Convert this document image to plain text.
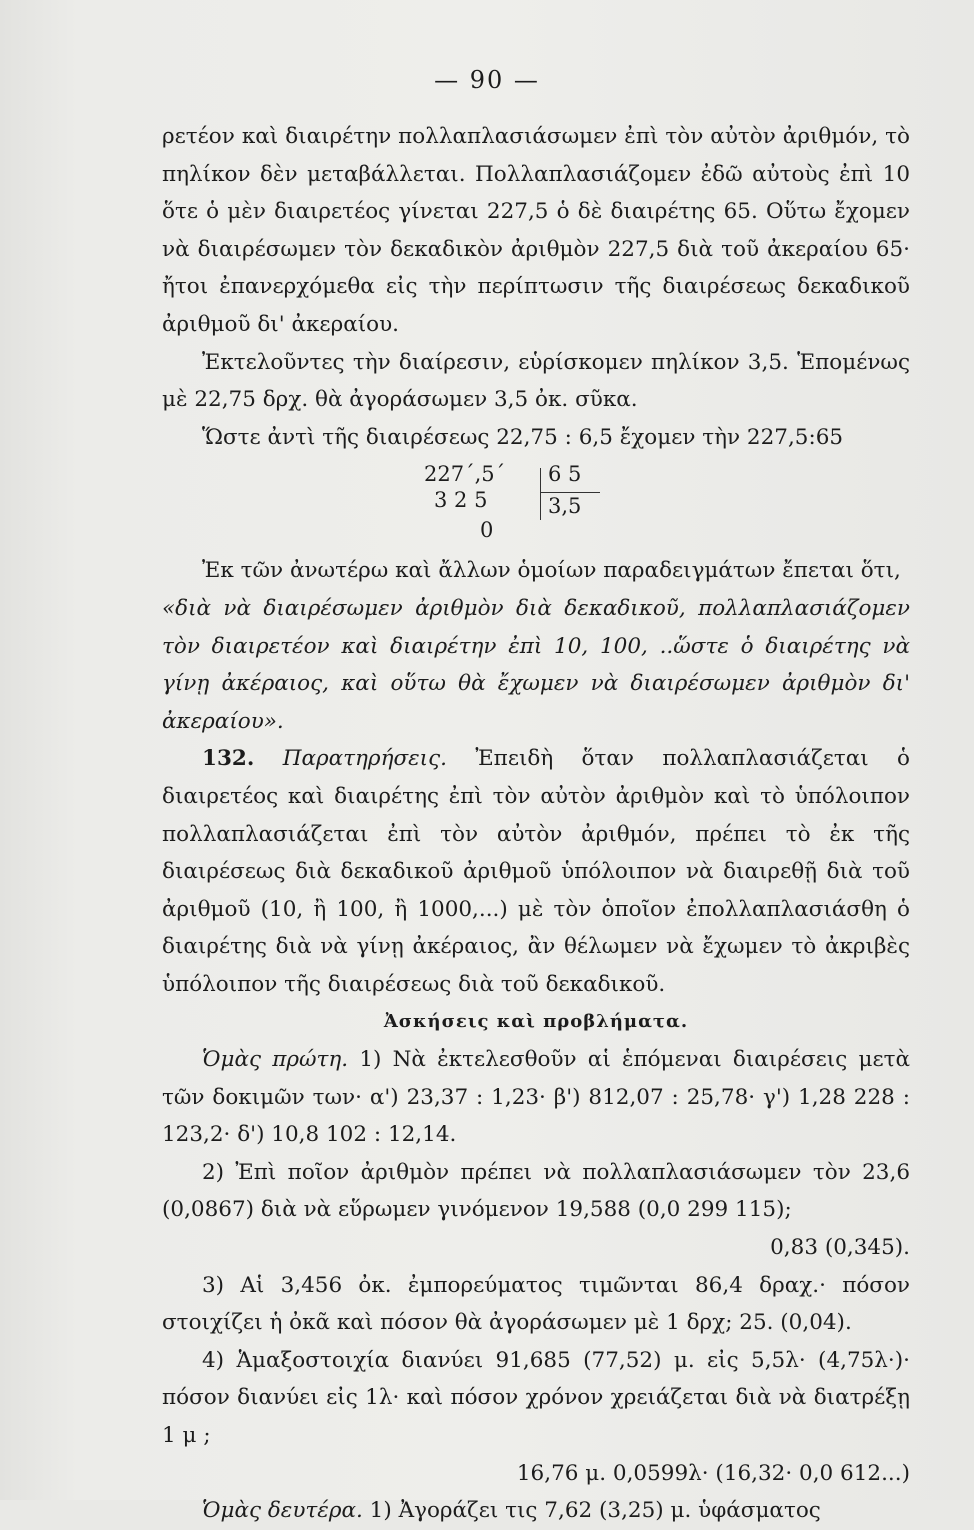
— 90 —
ρετέον καὶ διαιρέτην πολλαπλασιάσωμεν ἐπὶ τὸν αὐτὸν ἀριθμόν, τὸ πηλίκον δὲν μεταβάλλεται. Πολλαπλασιάζομεν ἐδῶ αὐτοὺς ἐπὶ 10 ὅτε ὁ μὲν διαιρετέος γίνεται 227,5 ὁ δὲ διαιρέτης 65. Οὕτω ἔχομεν νὰ διαιρέσωμεν τὸν δεκαδικὸν ἀριθμὸν 227,5 διὰ τοῦ ἀκεραίου 65· ἤτοι ἐπανερχόμεθα εἰς τὴν περίπτωσιν τῆς διαιρέσεως δεκαδικοῦ ἀριθμοῦ δι' ἀκεραίου.
Ἐκτελοῦντες τὴν διαίρεσιν, εὑρίσκομεν πηλίκον 3,5. Ἑπομένως μὲ 22,75 δρχ. θὰ ἀγοράσωμεν 3,5 ὀκ. σῦκα.
Ὥστε ἀντὶ τῆς διαιρέσεως 22,75 : 6,5 ἔχομεν τὴν 227,5:65
227΄,5΄ 6 5
3 2 5	3,5
0
Ἐκ τῶν ἀνωτέρω καὶ ἄλλων ὁμοίων παραδειγμάτων ἔπεται ὅτι,
«διὰ νὰ διαιρέσωμεν ἀριθμὸν διὰ δεκαδικοῦ, πολλαπλασιάζομεν τὸν διαιρετέον καὶ διαιρέτην ἐπὶ 10, 100, ..ὥστε ὁ διαιρέτης νὰ γίνῃ ἀκέραιος, καὶ οὕτω θὰ ἔχωμεν νὰ διαιρέσωμεν ἀριθμὸν δι' ἀκεραίου».
132. Παρατηρήσεις. Ἐπειδὴ ὅταν πολλαπλασιάζεται ὁ διαιρετέος καὶ διαιρέτης ἐπὶ τὸν αὐτὸν ἀριθμὸν καὶ τὸ ὑπόλοιπον πολλαπλασιάζεται ἐπὶ τὸν αὐτὸν ἀριθμόν, πρέπει τὸ ἐκ τῆς διαιρέσεως διὰ δεκαδικοῦ ἀριθμοῦ ὑπόλοιπον νὰ διαιρεθῇ διὰ τοῦ ἀριθμοῦ (10, ἢ 100, ἢ 1000,...) μὲ τὸν ὁποῖον ἐπολλαπλασιάσθη ὁ διαιρέτης διὰ νὰ γίνῃ ἀκέραιος, ἂν θέλωμεν νὰ ἔχωμεν τὸ ἀκριβὲς ὑπόλοιπον τῆς διαιρέσεως διὰ τοῦ δεκαδικοῦ.
Ἀσκήσεις καὶ προβλήματα.
Ὁμὰς πρώτη. 1) Νὰ ἐκτελεσθοῦν αἱ ἑπόμεναι διαιρέσεις μετὰ τῶν δοκιμῶν των· α') 23,37 : 1,23· β') 812,07 : 25,78· γ') 1,28 228 : 123,2· δ') 10,8 102 : 12,14.
2) Ἐπὶ ποῖον ἀριθμὸν πρέπει νὰ πολλαπλασιάσωμεν τὸν 23,6 (0,0867) διὰ νὰ εὕρωμεν γινόμενον 19,588 (0,0 299 115);
0,83 (0,345).
3) Αἱ 3,456 ὀκ. ἐμπορεύματος τιμῶνται 86,4 δραχ.· πόσον στοιχίζει ἡ ὀκᾶ καὶ πόσον θὰ ἀγοράσωμεν μὲ 1 δρχ; 25. (0,04).
4) Ἁμαξοστοιχία διανύει 91,685 (77,52) μ. εἰς 5,5λ· (4,75λ·)· πόσον διανύει εἰς 1λ· καὶ πόσον χρόνον χρειάζεται διὰ νὰ διατρέξῃ 1 μ ;
16,76 μ. 0,0599λ· (16,32· 0,0 612...)
Ὁμὰς δευτέρα. 1) Ἀγοράζει τις 7,62 (3,25) μ. ὑφάσματος
